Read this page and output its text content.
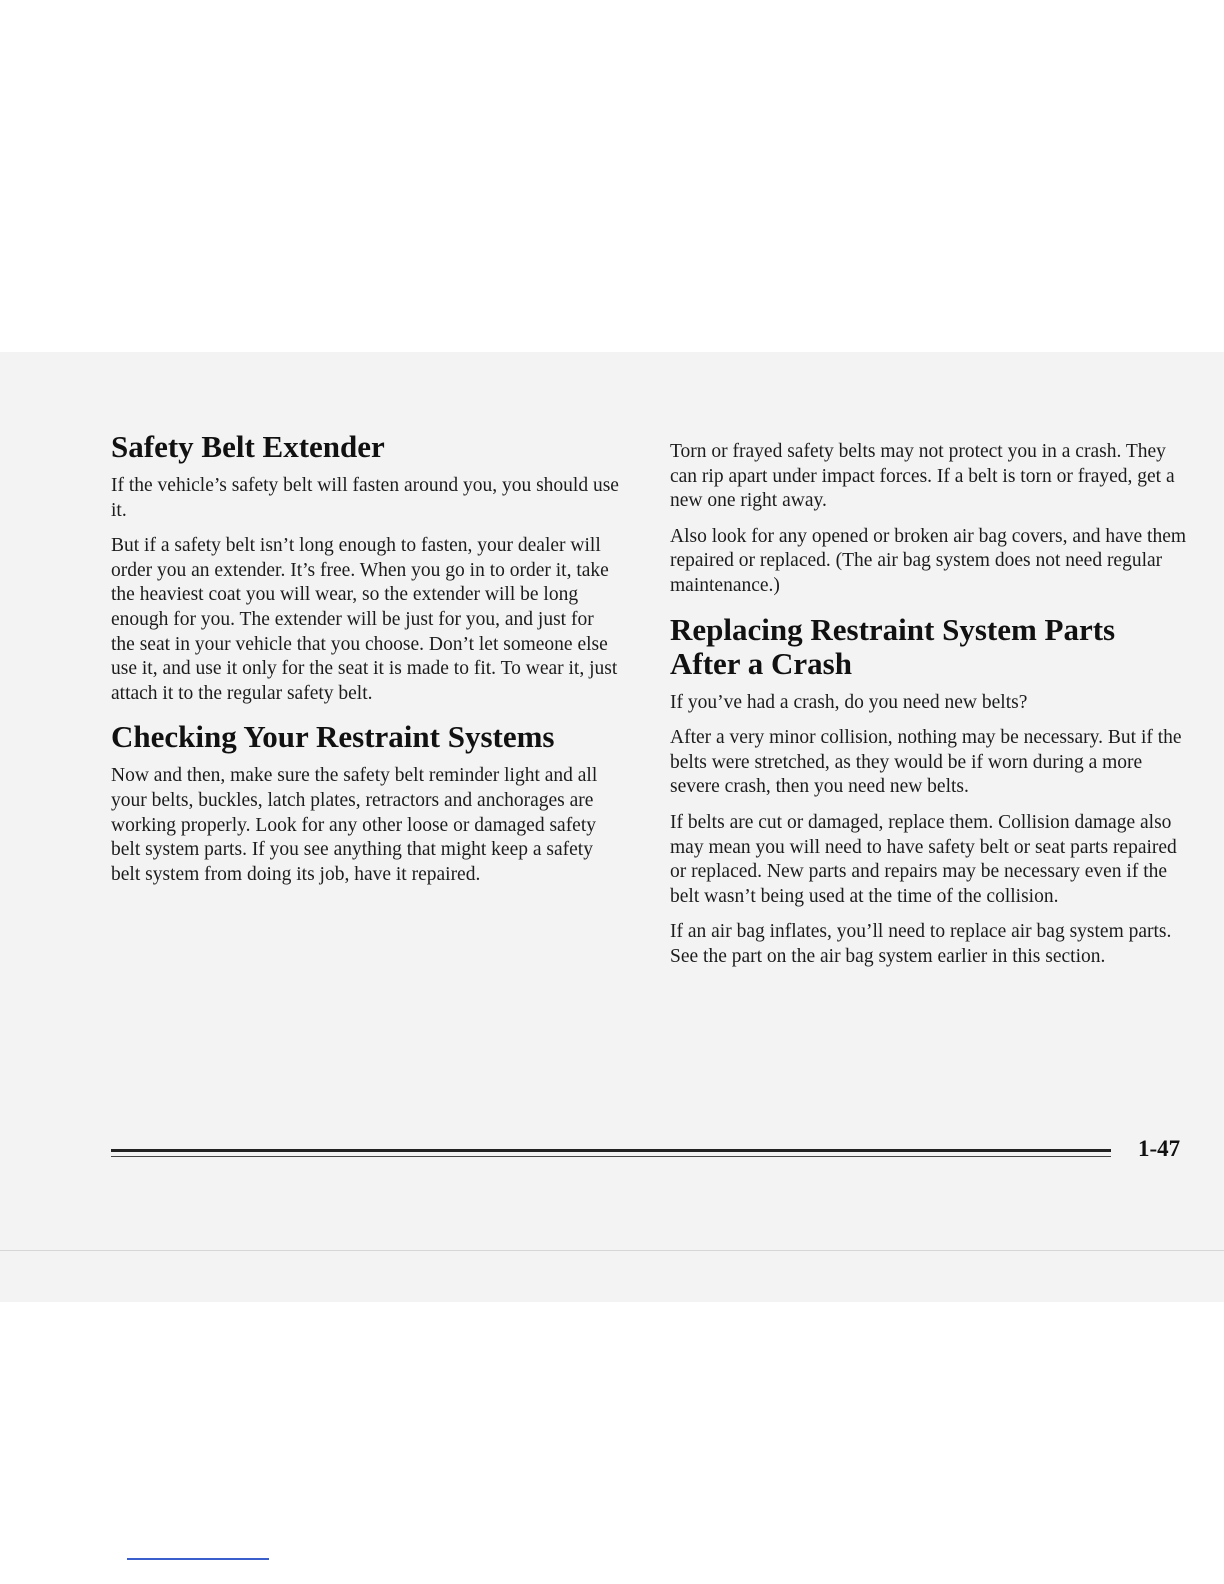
Safety Belt Extender

If the vehicle’s safety belt will fasten around you, you should use it.

But if a safety belt isn’t long enough to fasten, your dealer will order you an extender. It’s free. When you go in to order it, take the heaviest coat you will wear, so the extender will be long enough for you. The extender will be just for you, and just for the seat in your vehicle that you choose. Don’t let someone else use it, and use it only for the seat it is made to fit. To wear it, just attach it to the regular safety belt.

Checking Your Restraint Systems

Now and then, make sure the safety belt reminder light and all your belts, buckles, latch plates, retractors and anchorages are working properly. Look for any other loose or damaged safety belt system parts. If you see anything that might keep a safety belt system from doing its job, have it repaired.

Torn or frayed safety belts may not protect you in a crash. They can rip apart under impact forces. If a belt is torn or frayed, get a new one right away.

Also look for any opened or broken air bag covers, and have them repaired or replaced. (The air bag system does not need regular maintenance.)

Replacing Restraint System Parts After a Crash

If you’ve had a crash, do you need new belts?

After a very minor collision, nothing may be necessary. But if the belts were stretched, as they would be if worn during a more severe crash, then you need new belts.

If belts are cut or damaged, replace them. Collision damage also may mean you will need to have safety belt or seat parts repaired or replaced. New parts and repairs may be necessary even if the belt wasn’t being used at the time of the collision.

If an air bag inflates, you’ll need to replace air bag system parts. See the part on the air bag system earlier in this section.

1-47
